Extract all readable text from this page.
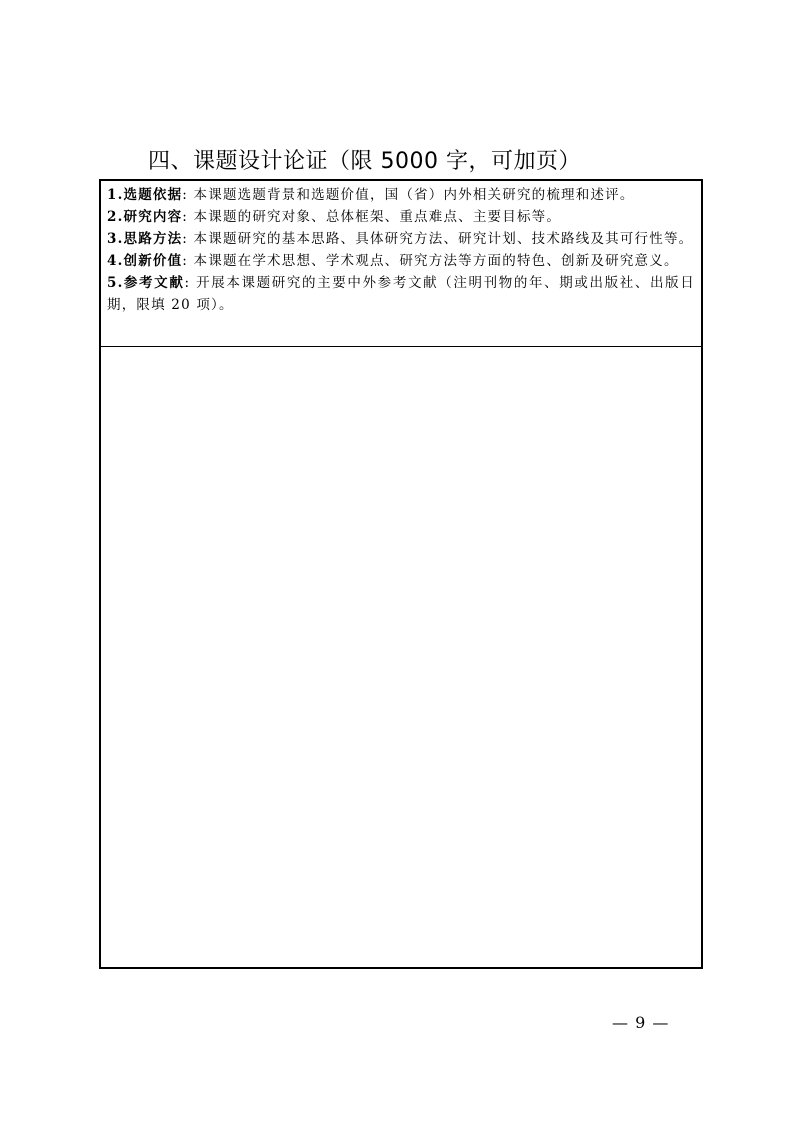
四、课题设计论证（限 5000 字，可加页）

1.选题依据: 本课题选题背景和选题价值，国（省）内外相关研究的梳理和述评。

2.研究内容: 本课题的研究对象、总体框架、重点难点、主要目标等。

3.思路方法: 本课题研究的基本思路、具体研究方法、研究计划、技术路线及其可行性等。

4.创新价值: 本课题在学术思想、学术观点、研究方法等方面的特色、创新及研究意义。

5.参考文献: 开展本课题研究的主要中外参考文献（注明刊物的年、期或出版社、出版日期，限填 20 项）。

— 9 —
